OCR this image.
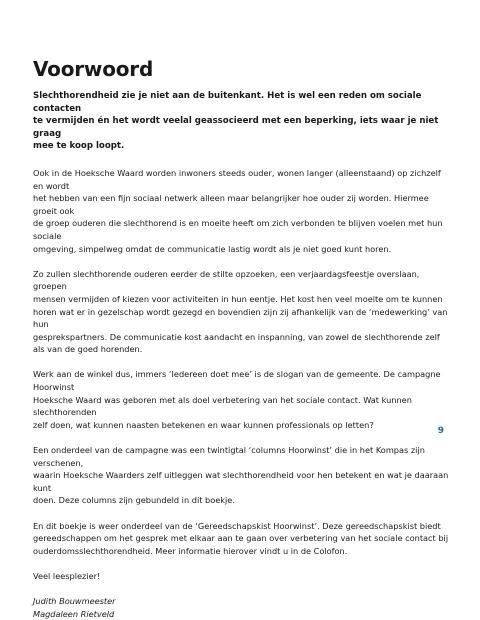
Voorwoord
Slechthorendheid zie je niet aan de buitenkant. Het is wel een reden om sociale contacten
te vermijden én het wordt veelal geassocieerd met een beperking, iets waar je niet graag
mee te koop loopt.
Ook in de Hoeksche Waard worden inwoners steeds ouder, wonen langer (alleenstaand) op zichzelf en wordt
het hebben van een fijn sociaal netwerk alleen maar belangrijker hoe ouder zij worden. Hiermee groeit ook
de groep ouderen die slechthorend is en moeite heeft om zich verbonden te blijven voelen met hun sociale
omgeving, simpelweg omdat de communicatie lastig wordt als je niet goed kunt horen.
Zo zullen slechthorende ouderen eerder de stilte opzoeken, een verjaardagsfeestje overslaan, groepen
mensen vermijden of kiezen voor activiteiten in hun eentje. Het kost hen veel moeite om te kunnen
horen wat er in gezelschap wordt gezegd en bovendien zijn zij afhankelijk van de ‘medewerking’ van hun
gesprekspartners. De communicatie kost aandacht en inspanning, van zowel de slechthorende zelf
als van de goed horenden.
Werk aan de winkel dus, immers ‘Iedereen doet mee’ is de slogan van de gemeente. De campagne Hoorwinst
Hoeksche Waard was geboren met als doel verbetering van het sociale contact. Wat kunnen slechthorenden
zelf doen, wat kunnen naasten betekenen en waar kunnen professionals op letten?
Een onderdeel van de campagne was een twintigtal ‘columns Hoorwinst’ die in het Kompas zijn verschenen,
waarin Hoeksche Waarders zelf uitleggen wat slechthorendheid voor hen betekent en wat je daaraan kunt
doen. Deze columns zijn gebundeld in dit boekje.
En dit boekje is weer onderdeel van de ‘Gereedschapskist Hoorwinst’. Deze gereedschapskist biedt
gereedschappen om het gesprek met elkaar aan te gaan over verbetering van het sociale contact bij
ouderdomsslechthorendheid. Meer informatie hierover vindt u in de Colofon.
Veel leesplezier!
Judith Bouwmeester
Magdaleen Rietveld
9
